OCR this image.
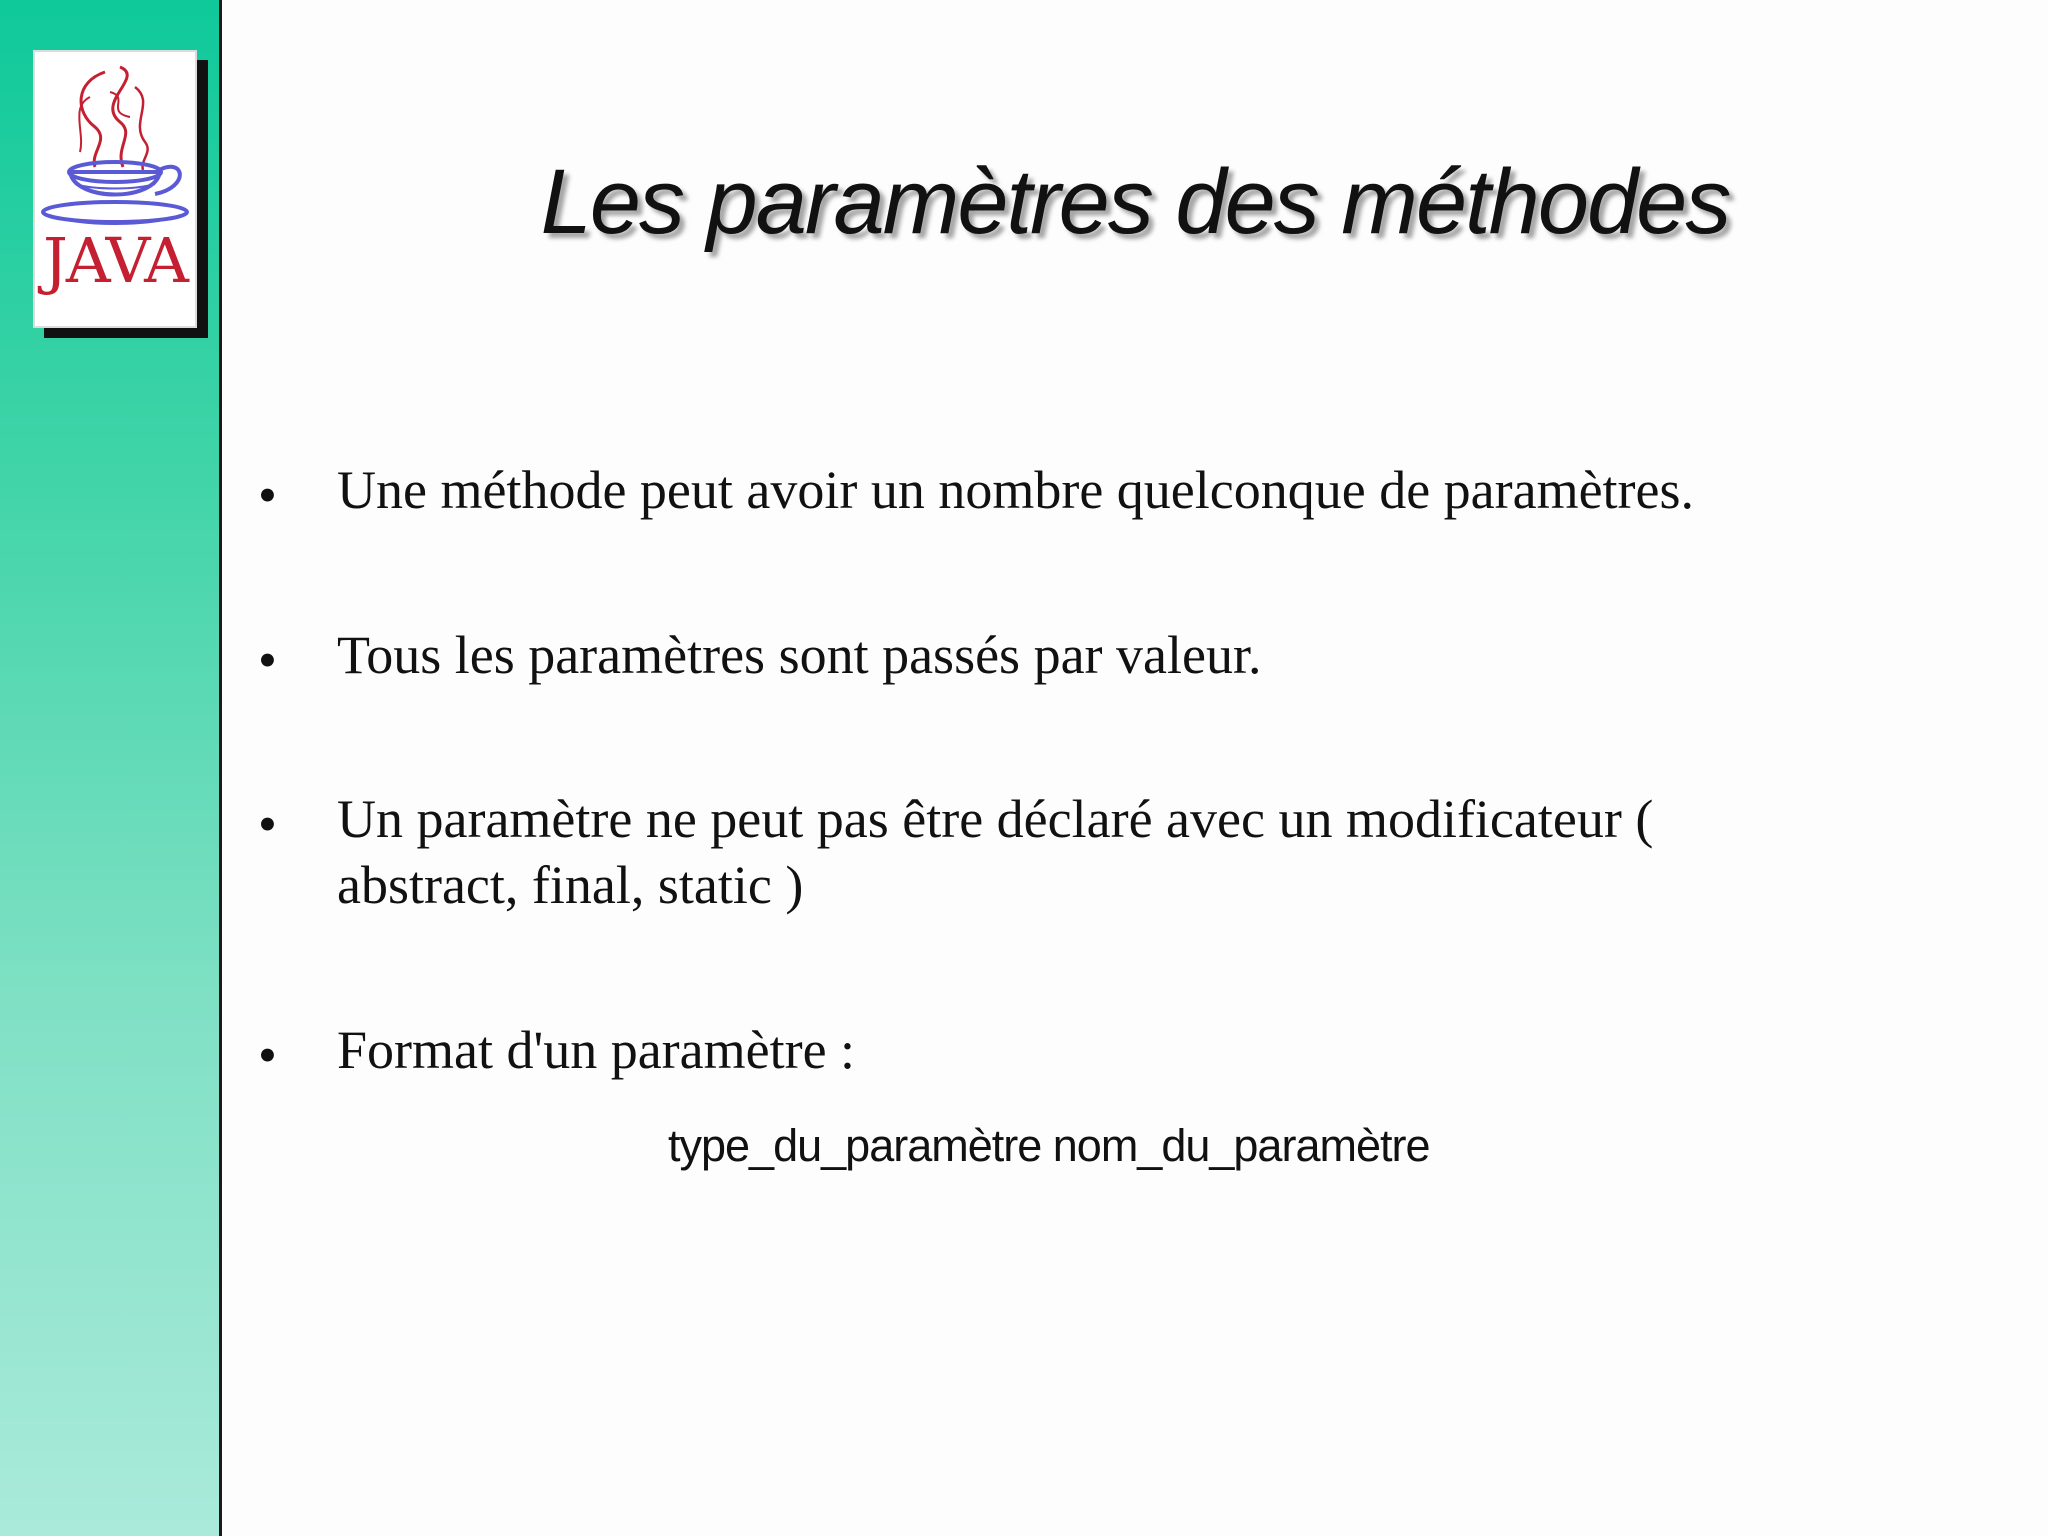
JAVA
Les paramètres des méthodes
• Une méthode peut avoir un nombre quelconque de paramètres.

• Tous les paramètres sont passés par valeur.

• Un paramètre ne peut pas être déclaré avec un modificateur ( abstract, final, static )

• Format d'un paramètre :

type_du_paramètre nom_du_paramètre
